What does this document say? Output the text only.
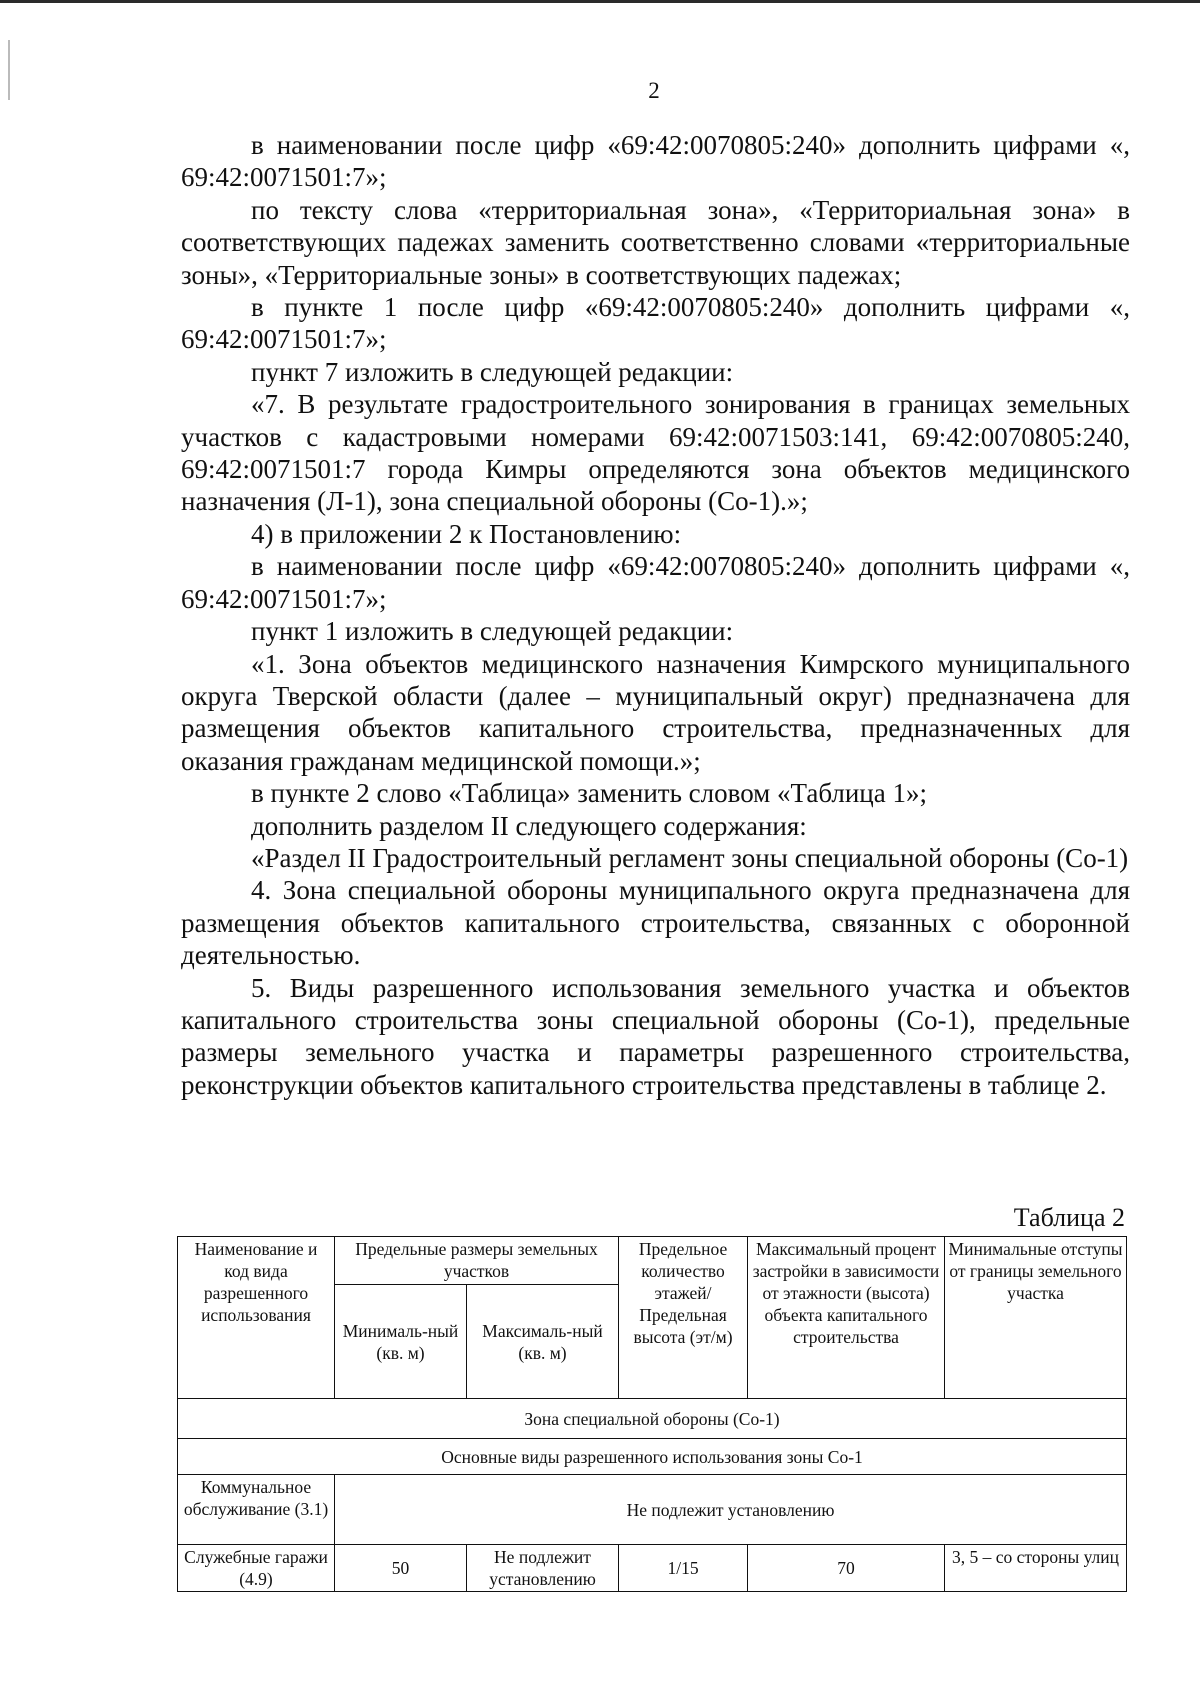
2

в наименовании после цифр «69:42:0070805:240» дополнить цифрами «, 69:42:0071501:7»;

по тексту слова «территориальная зона», «Территориальная зона» в соответствующих падежах заменить соответственно словами «территориальные зоны», «Территориальные зоны» в соответствующих падежах;

в пункте 1 после цифр «69:42:0070805:240» дополнить цифрами «, 69:42:0071501:7»;

пункт 7 изложить в следующей редакции:

«7. В результате градостроительного зонирования в границах земельных участков с кадастровыми номерами 69:42:0071503:141, 69:42:0070805:240, 69:42:0071501:7 города Кимры определяются зона объектов медицинского назначения (Л-1), зона специальной обороны (Со-1).»;

4) в приложении 2 к Постановлению:

в наименовании после цифр «69:42:0070805:240» дополнить цифрами «, 69:42:0071501:7»;

пункт 1 изложить в следующей редакции:

«1. Зона объектов медицинского назначения Кимрского муниципального округа Тверской области (далее – муниципальный округ) предназначена для размещения объектов капитального строительства, предназначенных для оказания гражданам медицинской помощи.»;

в пункте 2 слово «Таблица» заменить словом «Таблица 1»;

дополнить разделом II следующего содержания:

«Раздел II Градостроительный регламент зоны специальной обороны (Со-1)

4. Зона специальной обороны муниципального округа предназначена для размещения объектов капитального строительства, связанных с оборонной деятельностью.

5. Виды разрешенного использования земельного участка и объектов капитального строительства зоны специальной обороны (Со-1), предельные размеры земельного участка и параметры разрешенного строительства, реконструкции объектов капитального строительства представлены в таблице 2.

Таблица 2
Наименование и код вида разрешенного использования	Предельные размеры земельных участков		Предельное количество этажей/ Предельная высота (эт/м)	Максимальный процент застройки в зависимости от этажности (высота) объекта капитального строительства	Минимальные отступы от границы земельного участка
	Минималь-ный (кв. м)	Максималь-ный (кв. м)			
Зона специальной обороны (Со-1)					
Основные виды разрешенного использования зоны Со-1					
Коммунальное обслуживание (3.1)	Не подлежит установлению				
Служебные гаражи (4.9)	50	Не подлежит установлению	1/15	70	3, 5 – со стороны улиц
